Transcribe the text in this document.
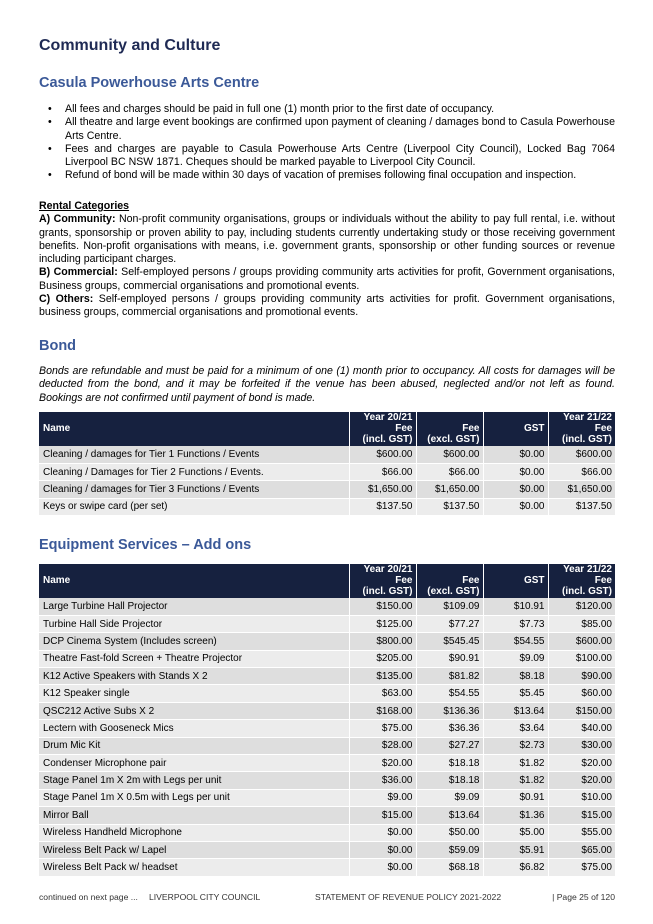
Community and Culture
Casula Powerhouse Arts Centre
• All fees and charges should be paid in full one (1) month prior to the first date of occupancy.
• All theatre and large event bookings are confirmed upon payment of cleaning / damages bond to Casula Powerhouse Arts Centre.
• Fees and charges are payable to Casula Powerhouse Arts Centre (Liverpool City Council), Locked Bag 7064 Liverpool BC NSW 1871. Cheques should be marked payable to Liverpool City Council.
• Refund of bond will be made within 30 days of vacation of premises following final occupation and inspection.
Rental Categories
A) Community: Non-profit community organisations, groups or individuals without the ability to pay full rental, i.e. without grants, sponsorship or proven ability to pay, including students currently undertaking study or those receiving government benefits. Non-profit organisations with means, i.e. government grants, sponsorship or other funding sources or revenue including participant charges.
B) Commercial: Self-employed persons / groups providing community arts activities for profit, Government organisations, Business groups, commercial organisations and promotional events.
C) Others: Self-employed persons / groups providing community arts activities for profit. Government organisations, business groups, commercial organisations and promotional events.
Bond
Bonds are refundable and must be paid for a minimum of one (1) month prior to occupancy. All costs for damages will be deducted from the bond, and it may be forfeited if the venue has been abused, neglected and/or not left as found. Bookings are not confirmed until payment of bond is made.
Name	Year 20/21
Fee
(incl. GST)	Fee
(excl. GST)	GST	Year 21/22
Fee
(incl. GST)
Cleaning / damages for Tier 1 Functions / Events	$600.00	$600.00	$0.00	$600.00
Cleaning / Damages for Tier 2 Functions / Events.	$66.00	$66.00	$0.00	$66.00
Cleaning / damages for Tier 3 Functions / Events	$1,650.00	$1,650.00	$0.00	$1,650.00
Keys or swipe card (per set)	$137.50	$137.50	$0.00	$137.50
Equipment Services – Add ons
Name	Year 20/21
Fee
(incl. GST)	Fee
(excl. GST)	GST	Year 21/22
Fee
(incl. GST)
Large Turbine Hall Projector	$150.00	$109.09	$10.91	$120.00
Turbine Hall Side Projector	$125.00	$77.27	$7.73	$85.00
DCP Cinema System (Includes screen)	$800.00	$545.45	$54.55	$600.00
Theatre Fast-fold Screen + Theatre Projector	$205.00	$90.91	$9.09	$100.00
K12 Active Speakers with Stands X 2	$135.00	$81.82	$8.18	$90.00
K12 Speaker single	$63.00	$54.55	$5.45	$60.00
QSC212 Active Subs X 2	$168.00	$136.36	$13.64	$150.00
Lectern with Gooseneck Mics	$75.00	$36.36	$3.64	$40.00
Drum Mic Kit	$28.00	$27.27	$2.73	$30.00
Condenser Microphone pair	$20.00	$18.18	$1.82	$20.00
Stage Panel 1m X 2m with Legs per unit	$36.00	$18.18	$1.82	$20.00
Stage Panel 1m X 0.5m with Legs per unit	$9.00	$9.09	$0.91	$10.00
Mirror Ball	$15.00	$13.64	$1.36	$15.00
Wireless Handheld Microphone	$0.00	$50.00	$5.00	$55.00
Wireless Belt Pack w/ Lapel	$0.00	$59.09	$5.91	$65.00
Wireless Belt Pack w/ headset	$0.00	$68.18	$6.82	$75.00
continued on next page ... LIVERPOOL CITY COUNCIL	STATEMENT OF REVENUE POLICY 2021-2022	| Page 25 of 120
